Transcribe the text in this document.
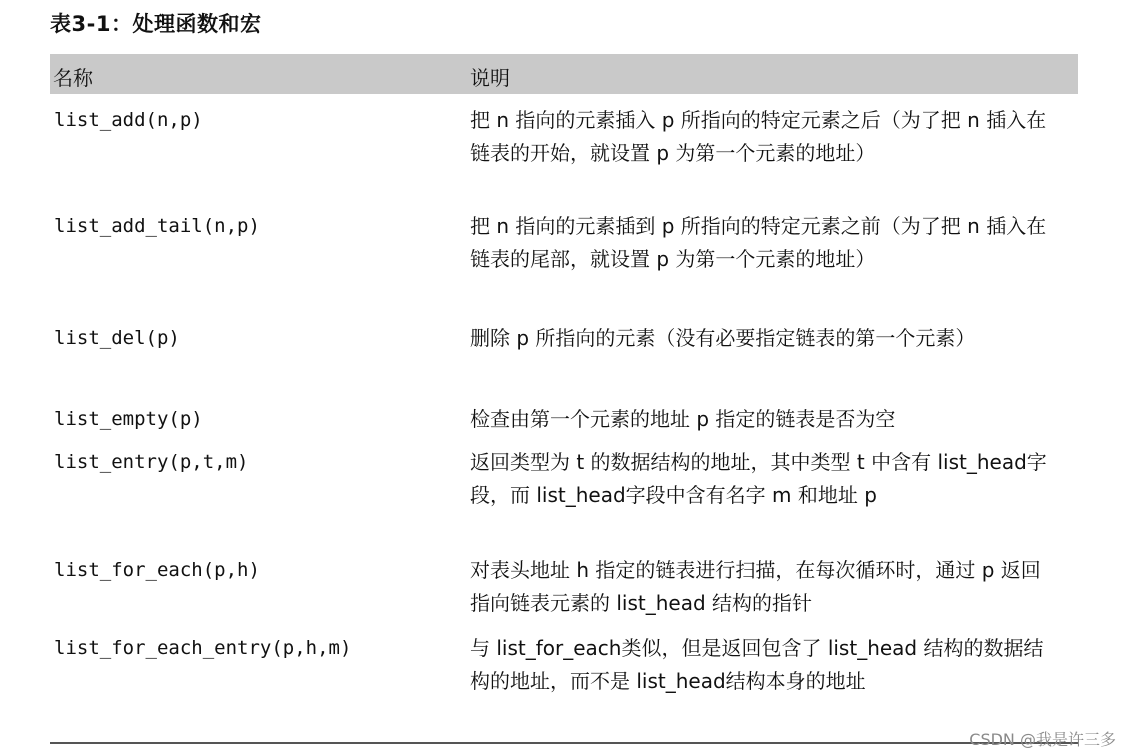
表3-1：处理函数和宏
名称	说明
list_add(n,p)	把 n 指向的元素插入 p 所指向的特定元素之后（为了把 n 插入在链表的开始，就设置 p 为第一个元素的地址）
list_add_tail(n,p)	把 n 指向的元素插到 p 所指向的特定元素之前（为了把 n 插入在链表的尾部，就设置 p 为第一个元素的地址）
list_del(p)	删除 p 所指向的元素（没有必要指定链表的第一个元素）
list_empty(p)	检查由第一个元素的地址 p 指定的链表是否为空
list_entry(p,t,m)	返回类型为 t 的数据结构的地址，其中类型 t 中含有 list_head字段，而 list_head字段中含有名字 m 和地址 p
list_for_each(p,h)	对表头地址 h 指定的链表进行扫描，在每次循环时，通过 p 返回指向链表元素的 list_head 结构的指针
list_for_each_entry(p,h,m)	与 list_for_each类似，但是返回包含了 list_head 结构的数据结构的地址，而不是 list_head结构本身的地址
CSDN @我是许三多
